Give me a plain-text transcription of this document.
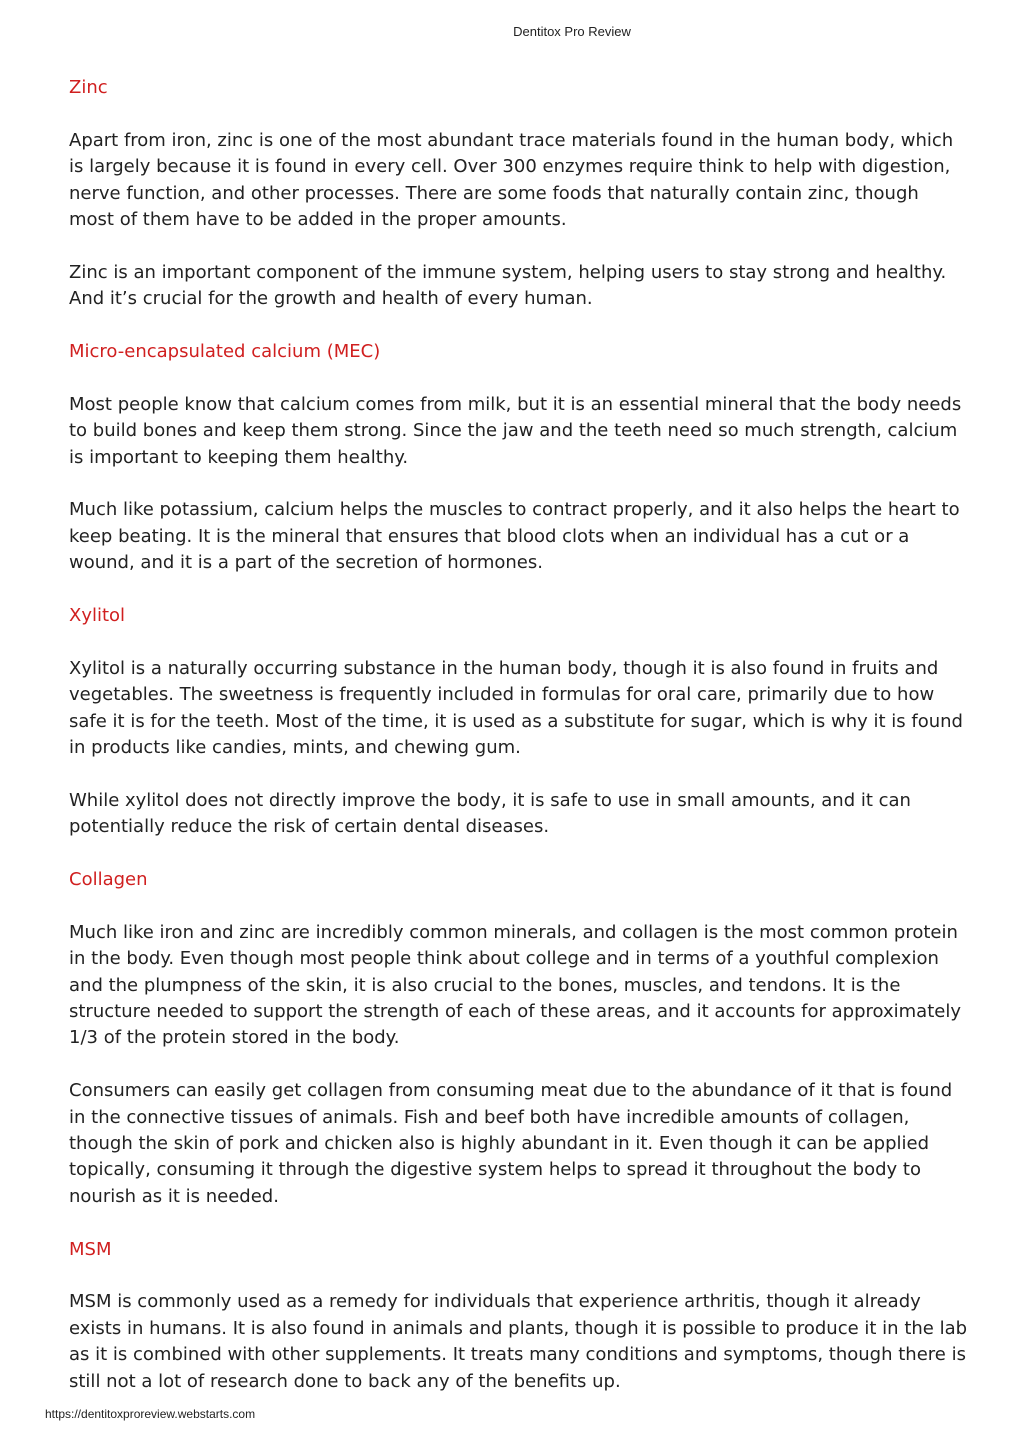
Dentitox Pro Review
Zinc
Apart from iron, zinc is one of the most abundant trace materials found in the human body, which is largely because it is found in every cell. Over 300 enzymes require think to help with digestion, nerve function, and other processes. There are some foods that naturally contain zinc, though most of them have to be added in the proper amounts.
Zinc is an important component of the immune system, helping users to stay strong and healthy. And it’s crucial for the growth and health of every human.
Micro-encapsulated calcium (MEC)
Most people know that calcium comes from milk, but it is an essential mineral that the body needs to build bones and keep them strong. Since the jaw and the teeth need so much strength, calcium is important to keeping them healthy.
Much like potassium, calcium helps the muscles to contract properly, and it also helps the heart to keep beating. It is the mineral that ensures that blood clots when an individual has a cut or a wound, and it is a part of the secretion of hormones.
Xylitol
Xylitol is a naturally occurring substance in the human body, though it is also found in fruits and vegetables. The sweetness is frequently included in formulas for oral care, primarily due to how safe it is for the teeth. Most of the time, it is used as a substitute for sugar, which is why it is found in products like candies, mints, and chewing gum.
While xylitol does not directly improve the body, it is safe to use in small amounts, and it can potentially reduce the risk of certain dental diseases.
Collagen
Much like iron and zinc are incredibly common minerals, and collagen is the most common protein in the body. Even though most people think about college and in terms of a youthful complexion and the plumpness of the skin, it is also crucial to the bones, muscles, and tendons. It is the structure needed to support the strength of each of these areas, and it accounts for approximately 1/3 of the protein stored in the body.
Consumers can easily get collagen from consuming meat due to the abundance of it that is found in the connective tissues of animals. Fish and beef both have incredible amounts of collagen, though the skin of pork and chicken also is highly abundant in it. Even though it can be applied topically, consuming it through the digestive system helps to spread it throughout the body to nourish as it is needed.
MSM
MSM is commonly used as a remedy for individuals that experience arthritis, though it already exists in humans. It is also found in animals and plants, though it is possible to produce it in the lab as it is combined with other supplements. It treats many conditions and symptoms, though there is still not a lot of research done to back any of the benefits up.
https://dentitoxproreview.webstarts.com
